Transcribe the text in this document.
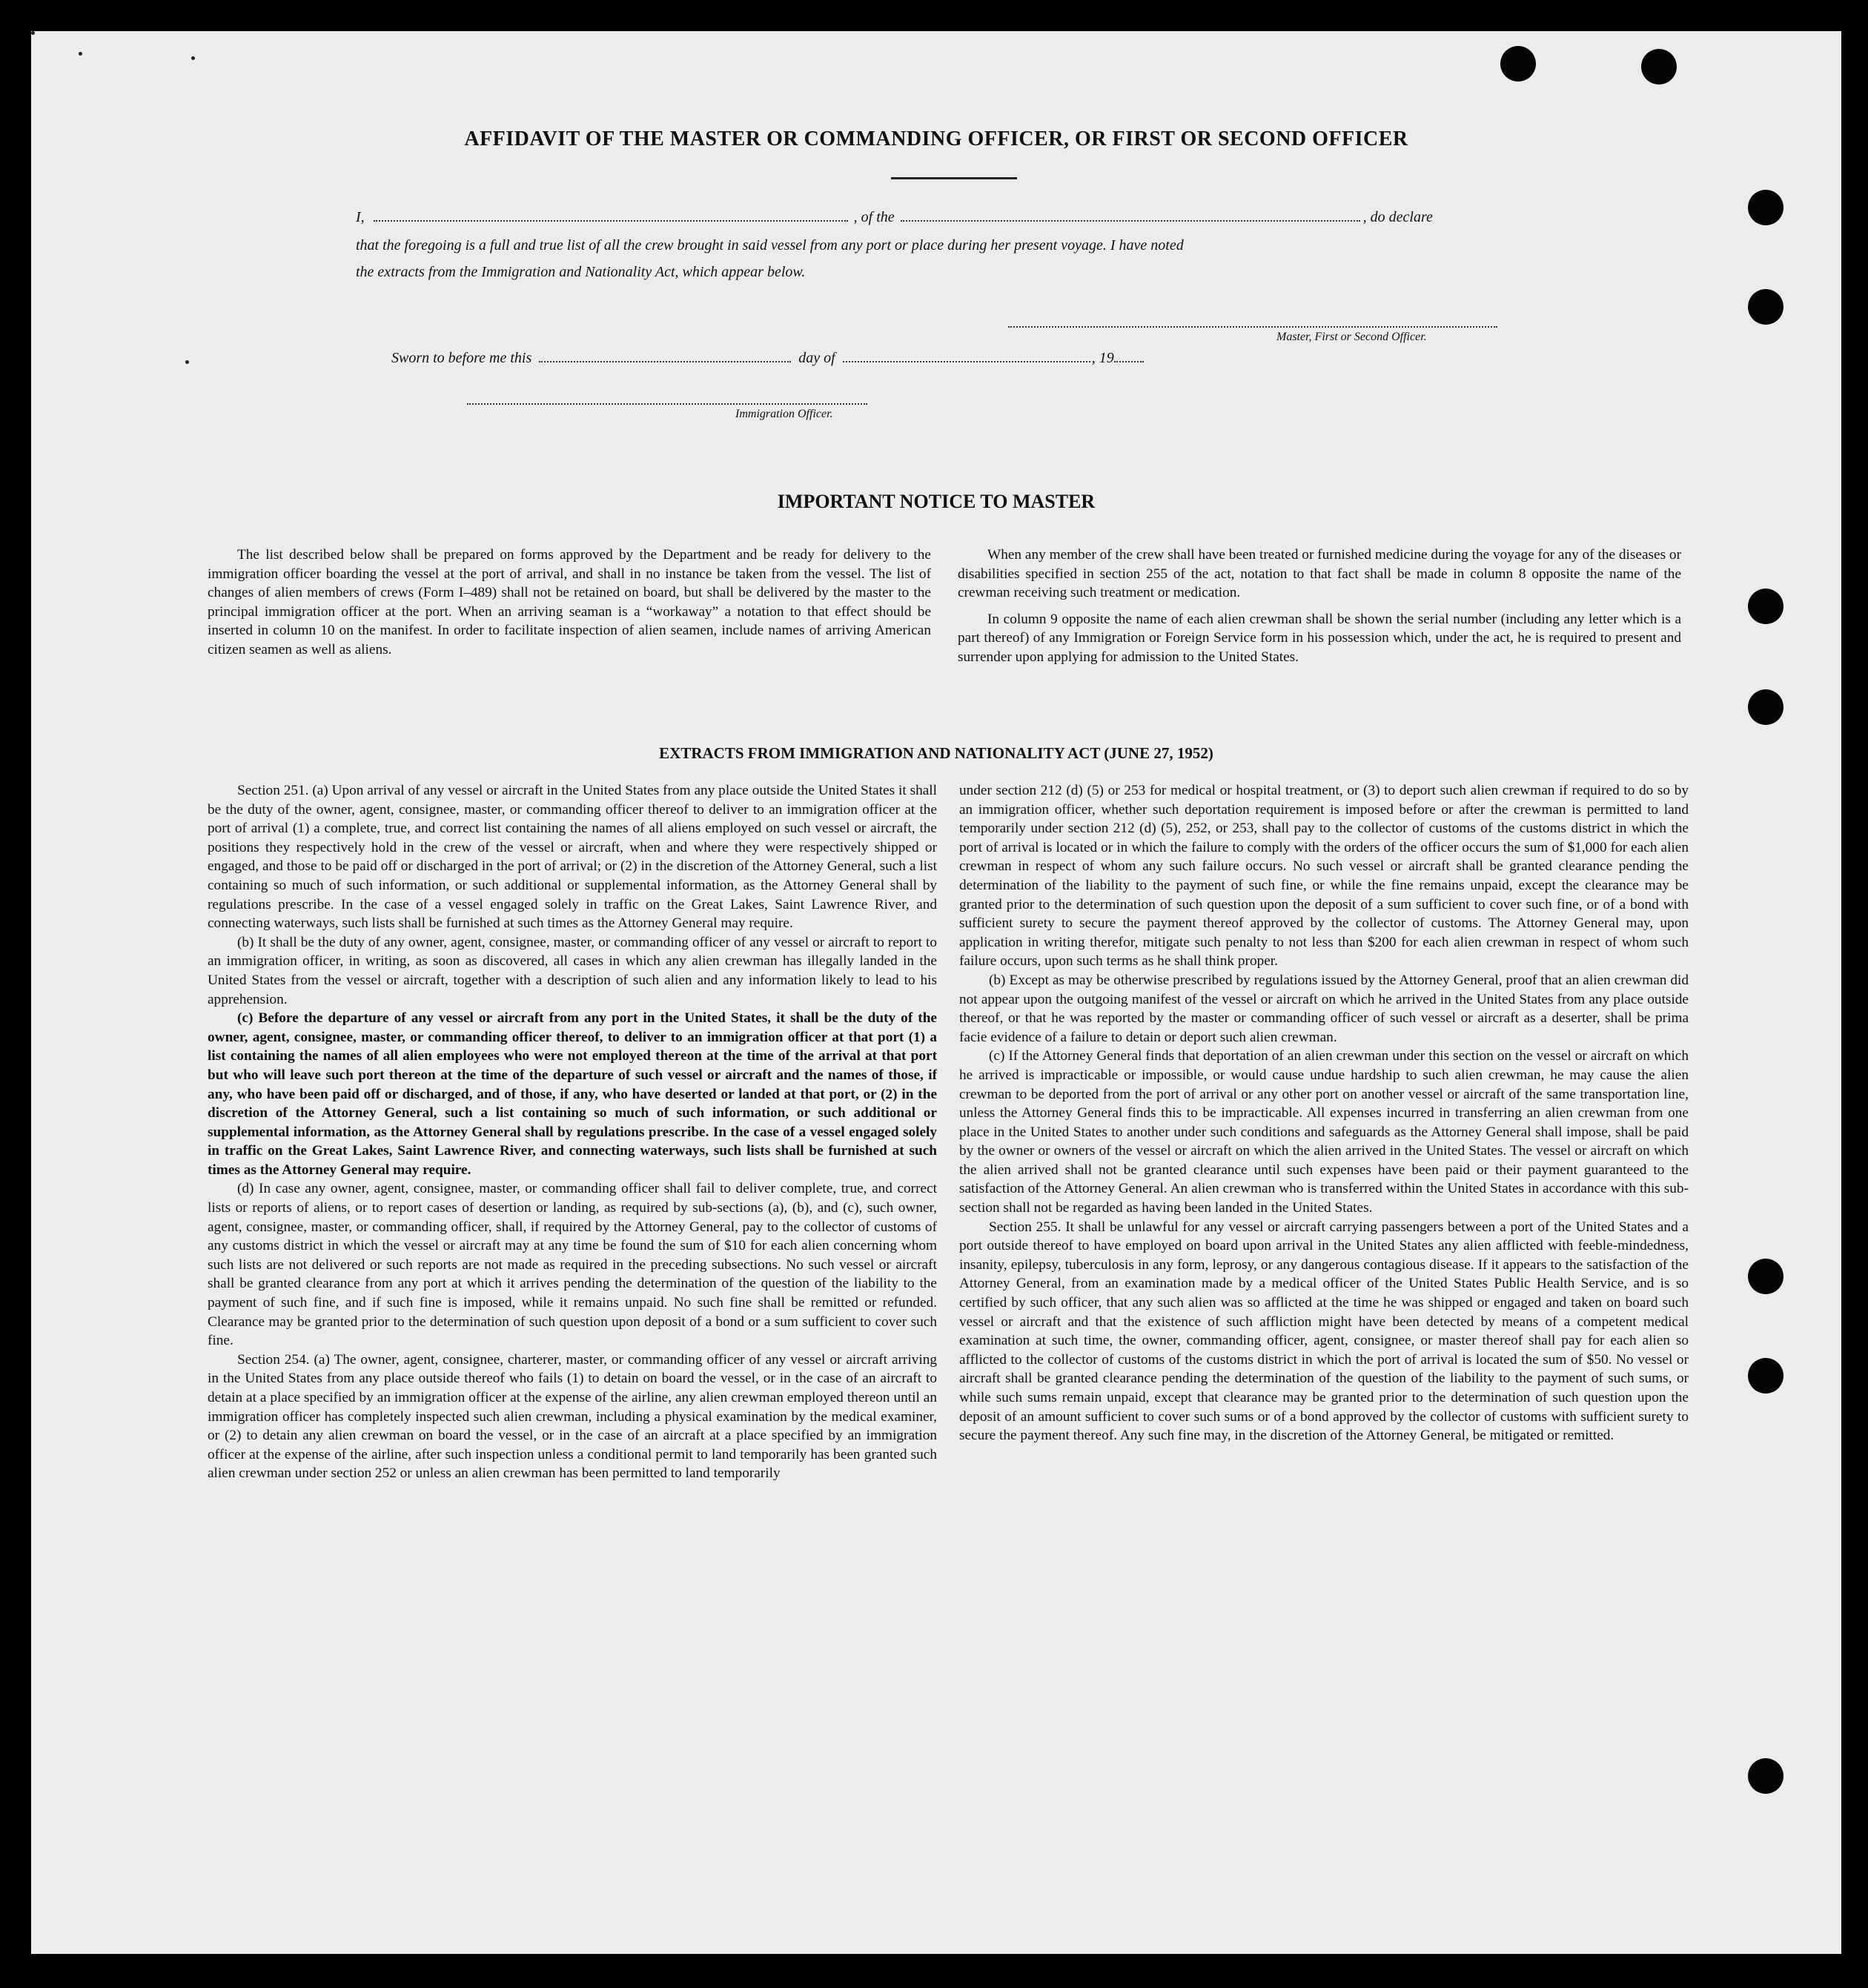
AFFIDAVIT OF THE MASTER OR COMMANDING OFFICER, OR FIRST OR SECOND OFFICER
I,	, of the	, do declare
that the foregoing is a full and true list of all the crew brought in said vessel from any port or place during her present voyage. I have noted
the extracts from the Immigration and Nationality Act, which appear below.
Master, First or Second Officer.
Sworn to before me this	day of	, 19
Immigration Officer.
IMPORTANT NOTICE TO MASTER

The list described below shall be prepared on forms approved by the Department and be ready for delivery to the immigration officer boarding the vessel at the port of arrival, and shall in no instance be taken from the vessel. The list of changes of alien members of crews (Form I–489) shall not be retained on board, but shall be delivered by the master to the principal immigration officer at the port. When an arriving seaman is a “workaway” a notation to that effect should be inserted in column 10 on the manifest. In order to facilitate inspection of alien seamen, include names of arriving American citizen seamen as well as aliens.

When any member of the crew shall have been treated or furnished medicine during the voyage for any of the diseases or disabilities specified in section 255 of the act, notation to that fact shall be made in column 8 opposite the name of the crewman receiving such treatment or medication.

In column 9 opposite the name of each alien crewman shall be shown the serial number (including any letter which is a part thereof) of any Immigration or Foreign Service form in his possession which, under the act, he is required to present and surrender upon applying for admission to the United States.

EXTRACTS FROM IMMIGRATION AND NATIONALITY ACT (JUNE 27, 1952)

Section 251. (a) Upon arrival of any vessel or aircraft in the United States from any place outside the United States it shall be the duty of the owner, agent, consignee, master, or commanding officer thereof to deliver to an immigration officer at the port of arrival (1) a complete, true, and correct list containing the names of all aliens employed on such vessel or aircraft, the positions they respectively hold in the crew of the vessel or aircraft, when and where they were respectively shipped or engaged, and those to be paid off or discharged in the port of arrival; or (2) in the discretion of the Attorney General, such a list containing so much of such information, or such additional or supplemental information, as the Attorney General shall by regulations prescribe. In the case of a vessel engaged solely in traffic on the Great Lakes, Saint Lawrence River, and connecting waterways, such lists shall be furnished at such times as the Attorney General may require.

(b) It shall be the duty of any owner, agent, consignee, master, or commanding officer of any vessel or aircraft to report to an immigration officer, in writing, as soon as discovered, all cases in which any alien crewman has illegally landed in the United States from the vessel or aircraft, together with a description of such alien and any information likely to lead to his apprehension.

(c) Before the departure of any vessel or aircraft from any port in the United States, it shall be the duty of the owner, agent, consignee, master, or commanding officer thereof, to deliver to an immigration officer at that port (1) a list containing the names of all alien employees who were not employed thereon at the time of the arrival at that port but who will leave such port thereon at the time of the departure of such vessel or aircraft and the names of those, if any, who have been paid off or discharged, and of those, if any, who have deserted or landed at that port, or (2) in the discretion of the Attorney General, such a list containing so much of such information, or such additional or supplemental information, as the Attorney General shall by regulations prescribe. In the case of a vessel engaged solely in traffic on the Great Lakes, Saint Lawrence River, and connecting waterways, such lists shall be furnished at such times as the Attorney General may require.

(d) In case any owner, agent, consignee, master, or commanding officer shall fail to deliver complete, true, and correct lists or reports of aliens, or to report cases of desertion or landing, as required by sub-sections (a), (b), and (c), such owner, agent, consignee, master, or commanding officer, shall, if required by the Attorney General, pay to the collector of customs of any customs district in which the vessel or aircraft may at any time be found the sum of $10 for each alien concerning whom such lists are not delivered or such reports are not made as required in the preceding subsections. No such vessel or aircraft shall be granted clearance from any port at which it arrives pending the determination of the question of the liability to the payment of such fine, and if such fine is imposed, while it remains unpaid. No such fine shall be remitted or refunded. Clearance may be granted prior to the determination of such question upon deposit of a bond or a sum sufficient to cover such fine.

Section 254. (a) The owner, agent, consignee, charterer, master, or commanding officer of any vessel or aircraft arriving in the United States from any place outside thereof who fails (1) to detain on board the vessel, or in the case of an aircraft to detain at a place specified by an immigration officer at the expense of the airline, any alien crewman employed thereon until an immigration officer has completely inspected such alien crewman, including a physical examination by the medical examiner, or (2) to detain any alien crewman on board the vessel, or in the case of an aircraft at a place specified by an immigration officer at the expense of the airline, after such inspection unless a conditional permit to land temporarily has been granted such alien crewman under section 252 or unless an alien crewman has been permitted to land temporarily

under section 212 (d) (5) or 253 for medical or hospital treatment, or (3) to deport such alien crewman if required to do so by an immigration officer, whether such deportation requirement is imposed before or after the crewman is permitted to land temporarily under section 212 (d) (5), 252, or 253, shall pay to the collector of customs of the customs district in which the port of arrival is located or in which the failure to comply with the orders of the officer occurs the sum of $1,000 for each alien crewman in respect of whom any such failure occurs. No such vessel or aircraft shall be granted clearance pending the determination of the liability to the payment of such fine, or while the fine remains unpaid, except the clearance may be granted prior to the determination of such question upon the deposit of a sum sufficient to cover such fine, or of a bond with sufficient surety to secure the payment thereof approved by the collector of customs. The Attorney General may, upon application in writing therefor, mitigate such penalty to not less than $200 for each alien crewman in respect of whom such failure occurs, upon such terms as he shall think proper.

(b) Except as may be otherwise prescribed by regulations issued by the Attorney General, proof that an alien crewman did not appear upon the outgoing manifest of the vessel or aircraft on which he arrived in the United States from any place outside thereof, or that he was reported by the master or commanding officer of such vessel or aircraft as a deserter, shall be prima facie evidence of a failure to detain or deport such alien crewman.

(c) If the Attorney General finds that deportation of an alien crewman under this section on the vessel or aircraft on which he arrived is impracticable or impossible, or would cause undue hardship to such alien crewman, he may cause the alien crewman to be deported from the port of arrival or any other port on another vessel or aircraft of the same transportation line, unless the Attorney General finds this to be impracticable. All expenses incurred in transferring an alien crewman from one place in the United States to another under such conditions and safeguards as the Attorney General shall impose, shall be paid by the owner or owners of the vessel or aircraft on which the alien arrived in the United States. The vessel or aircraft on which the alien arrived shall not be granted clearance until such expenses have been paid or their payment guaranteed to the satisfaction of the Attorney General. An alien crewman who is transferred within the United States in accordance with this sub-section shall not be regarded as having been landed in the United States.

Section 255. It shall be unlawful for any vessel or aircraft carrying passengers between a port of the United States and a port outside thereof to have employed on board upon arrival in the United States any alien afflicted with feeble-mindedness, insanity, epilepsy, tuberculosis in any form, leprosy, or any dangerous contagious disease. If it appears to the satisfaction of the Attorney General, from an examination made by a medical officer of the United States Public Health Service, and is so certified by such officer, that any such alien was so afflicted at the time he was shipped or engaged and taken on board such vessel or aircraft and that the existence of such affliction might have been detected by means of a competent medical examination at such time, the owner, commanding officer, agent, consignee, or master thereof shall pay for each alien so afflicted to the collector of customs of the customs district in which the port of arrival is located the sum of $50. No vessel or aircraft shall be granted clearance pending the determination of the question of the liability to the payment of such sums, or while such sums remain unpaid, except that clearance may be granted prior to the determination of such question upon the deposit of an amount sufficient to cover such sums or of a bond approved by the collector of customs with sufficient surety to secure the payment thereof. Any such fine may, in the discretion of the Attorney General, be mitigated or remitted.
